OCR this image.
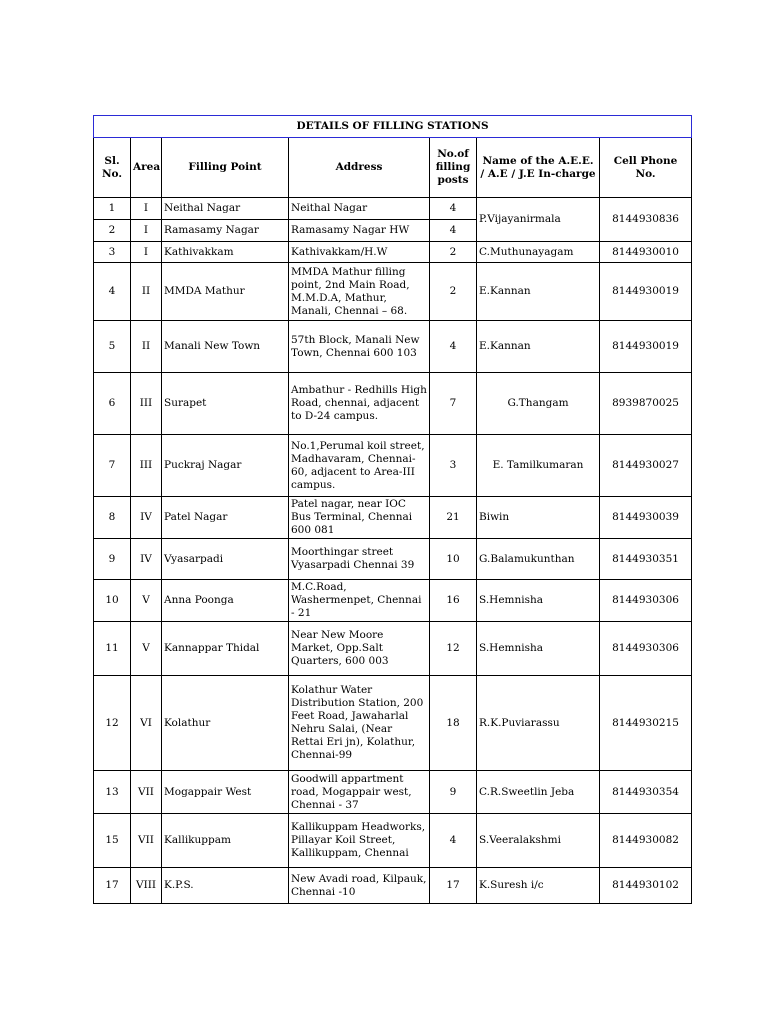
DETAILS OF FILLING STATIONS						
Sl. No.	Area	Filling Point	Address	No.of filling posts	Name of the A.E.E. / A.E / J.E In-charge	Cell Phone No.
1	I	Neithal Nagar	Neithal Nagar	4	P.Vijayanirmala	8144930836
2	I	Ramasamy Nagar	Ramasamy Nagar HW	4		
3	I	Kathivakkam	Kathivakkam/H.W	2	C.Muthunayagam	8144930010
4	II	MMDA Mathur	MMDA Mathur filling point, 2nd Main Road, M.M.D.A, Mathur, Manali, Chennai – 68.	2	E.Kannan	8144930019
5	II	Manali New Town	57th Block, Manali New Town, Chennai 600 103	4	E.Kannan	8144930019
6	III	Surapet	Ambathur - Redhills High Road, chennai, adjacent to D-24 campus.	7	G.Thangam	8939870025
7	III	Puckraj Nagar	No.1,Perumal koil street, Madhavaram, Chennai-60, adjacent to Area-III campus.	3	E. Tamilkumaran	8144930027
8	IV	Patel Nagar	Patel nagar, near IOC Bus Terminal, Chennai 600 081	21	Biwin	8144930039
9	IV	Vyasarpadi	Moorthingar street Vyasarpadi Chennai 39	10	G.Balamukunthan	8144930351
10	V	Anna Poonga	M.C.Road, Washermenpet, Chennai - 21	16	S.Hemnisha	8144930306
11	V	Kannappar Thidal	Near New Moore Market, Opp.Salt Quarters, 600 003	12	S.Hemnisha	8144930306
12	VI	Kolathur	Kolathur Water Distribution Station, 200 Feet Road, Jawaharlal Nehru Salai, (Near Rettai Eri jn), Kolathur, Chennai-99	18	R.K.Puviarassu	8144930215
13	VII	Mogappair West	Goodwill appartment road, Mogappair west, Chennai - 37	9	C.R.Sweetlin Jeba	8144930354
15	VII	Kallikuppam	Kallikuppam Headworks, Pillayar Koil Street, Kallikuppam, Chennai	4	S.Veeralakshmi	8144930082
17	VIII	K.P.S.	New Avadi road, Kilpauk, Chennai -10	17	K.Suresh i/c	8144930102
